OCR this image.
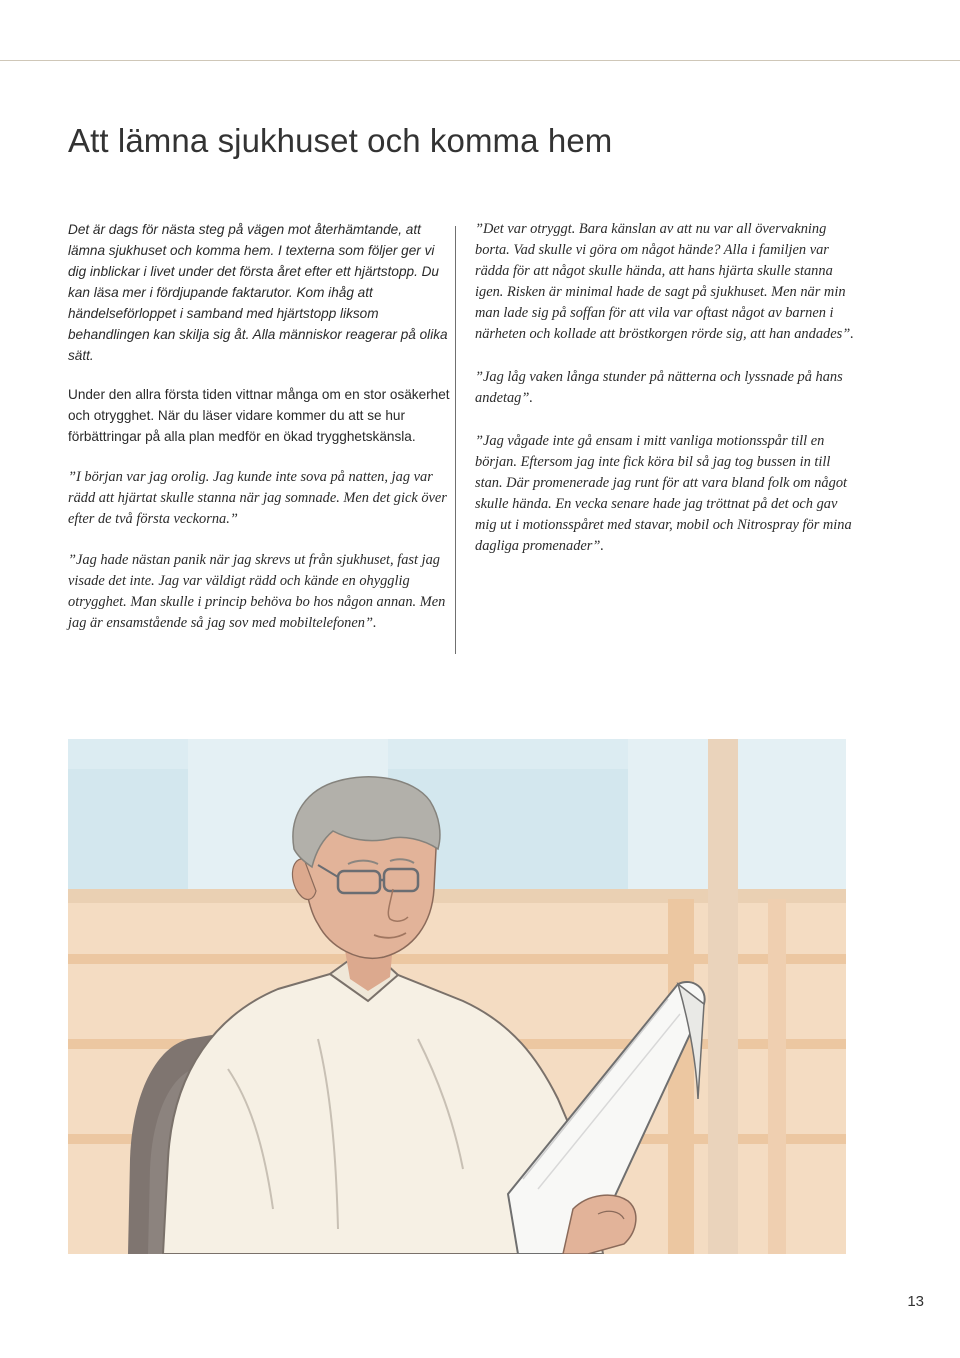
Att lämna sjukhuset och komma hem

Det är dags för nästa steg på vägen mot återhämtande, att lämna sjukhuset och komma hem. I texterna som följer ger vi dig inblickar i livet under det första året efter ett hjärtstopp. Du kan läsa mer i fördjupande faktarutor. Kom ihåg att händelseförloppet i samband med hjärtstopp liksom behandlingen kan skilja sig åt. Alla människor reagerar på olika sätt.

Under den allra första tiden vittnar många om en stor osäkerhet och otrygghet. När du läser vidare kommer du att se hur förbättringar på alla plan medför en ökad trygghetskänsla.

”I början var jag orolig. Jag kunde inte sova på natten, jag var rädd att hjärtat skulle stanna när jag somnade. Men det gick över efter de två första veckorna.”

”Jag hade nästan panik när jag skrevs ut från sjukhuset, fast jag visade det inte. Jag var väldigt rädd och kände en ohygglig otrygghet. Man skulle i princip behöva bo hos någon annan. Men jag är ensamstående så jag sov med mobiltelefonen”.

”Det var otryggt. Bara känslan av att nu var all övervakning borta. Vad skulle vi göra om något hände? Alla i familjen var rädda för att något skulle hända, att hans hjärta skulle stanna igen. Risken är minimal hade de sagt på sjukhuset. Men när min man lade sig på soffan för att vila var oftast något av barnen i närheten och kollade att bröstkorgen rörde sig, att han andades”.

”Jag låg vaken långa stunder på nätterna och lyssnade på hans andetag”.

”Jag vågade inte gå ensam i mitt vanliga motionsspår till en början. Eftersom jag inte fick köra bil så jag tog bussen in till stan. Där promenerade jag runt för att vara bland folk om något skulle hända. En vecka senare hade jag tröttnat på det och gav mig ut i motionsspåret med stavar, mobil och Nitrospray för mina dagliga promenader”.

13
